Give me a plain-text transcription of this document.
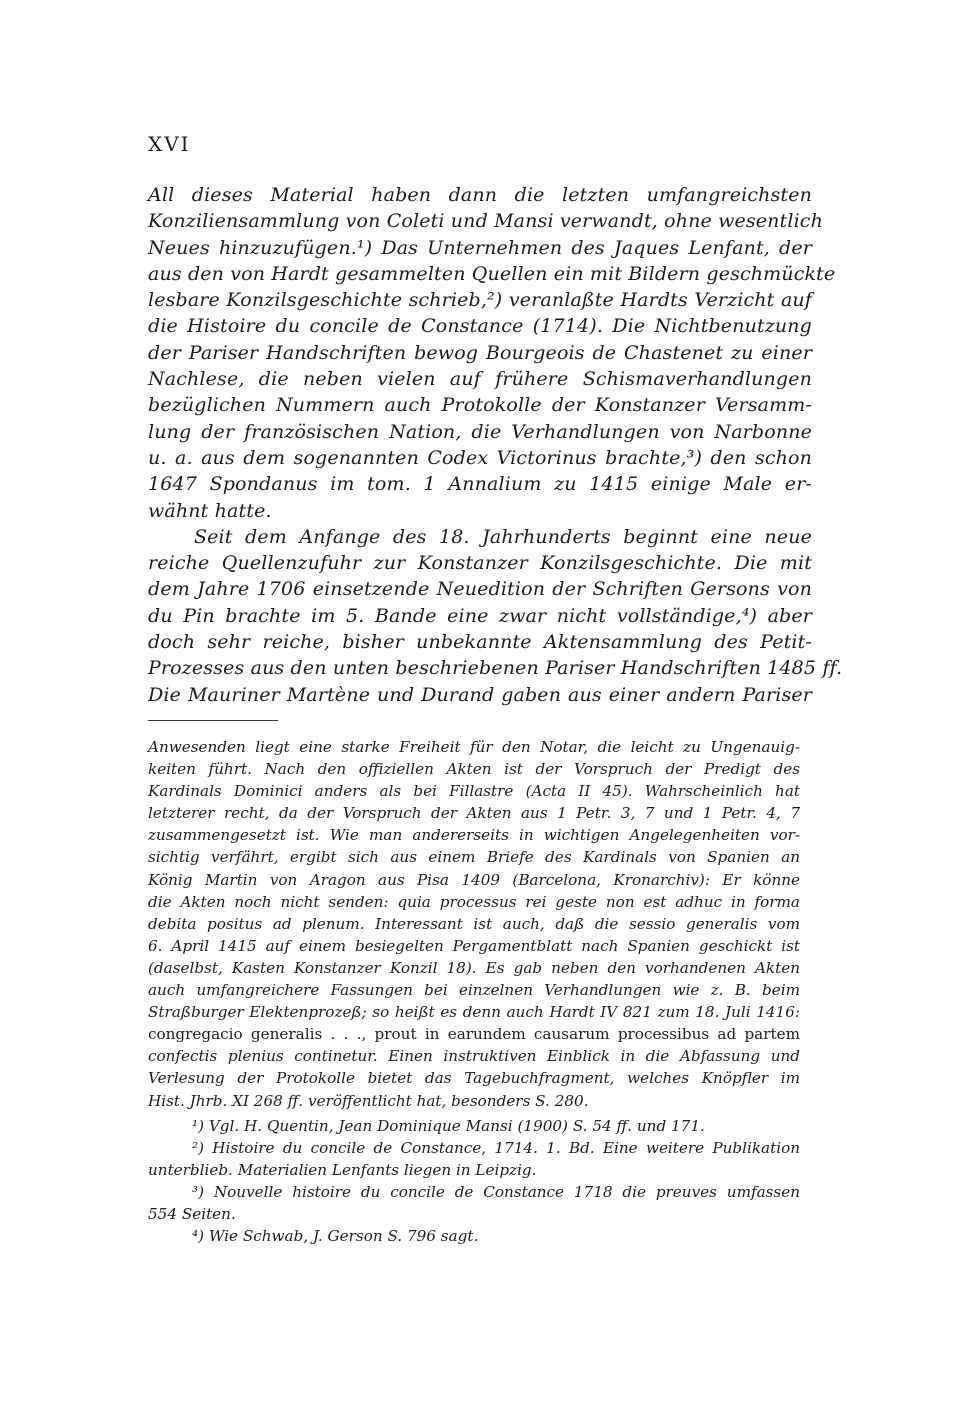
XVI
All dieses Material haben dann die letzten umfangreichsten
Konziliensammlung von Coleti und Mansi verwandt, ohne wesentlich
Neues hinzuzufügen.¹) Das Unternehmen des Jaques Lenfant, der
aus den von Hardt gesammelten Quellen ein mit Bildern geschmückte
lesbare Konzilsgeschichte schrieb,²) veranlaßte Hardts Verzicht auf
die Histoire du concile de Constance (1714). Die Nichtbenutzung
der Pariser Handschriften bewog Bourgeois de Chastenet zu einer
Nachlese, die neben vielen auf frühere Schismaverhandlungen
bezüglichen Nummern auch Protokolle der Konstanzer Versamm-
lung der französischen Nation, die Verhandlungen von Narbonne
u. a. aus dem sogenannten Codex Victorinus brachte,³) den schon
1647 Spondanus im tom. 1 Annalium zu 1415 einige Male er-
wähnt hatte.
Seit dem Anfange des 18. Jahrhunderts beginnt eine neue
reiche Quellenzufuhr zur Konstanzer Konzilsgeschichte. Die mit
dem Jahre 1706 einsetzende Neuedition der Schriften Gersons von
du Pin brachte im 5. Bande eine zwar nicht vollständige,⁴) aber
doch sehr reiche, bisher unbekannte Aktensammlung des Petit-
Prozesses aus den unten beschriebenen Pariser Handschriften 1485 ff.
Die Mauriner Martène und Durand gaben aus einer andern Pariser
Anwesenden liegt eine starke Freiheit für den Notar, die leicht zu Ungenauig-
keiten führt. Nach den offiziellen Akten ist der Vorspruch der Predigt des
Kardinals Dominici anders als bei Fillastre (Acta II 45). Wahrscheinlich hat
letzterer recht, da der Vorspruch der Akten aus 1 Petr. 3, 7 und 1 Petr. 4, 7
zusammengesetzt ist. Wie man andererseits in wichtigen Angelegenheiten vor-
sichtig verfährt, ergibt sich aus einem Briefe des Kardinals von Spanien an
König Martin von Aragon aus Pisa 1409 (Barcelona, Kronarchiv): Er könne
die Akten noch nicht senden: quia processus rei geste non est adhuc in forma
debita positus ad plenum. Interessant ist auch, daß die sessio generalis vom
6. April 1415 auf einem besiegelten Pergamentblatt nach Spanien geschickt ist
(daselbst, Kasten Konstanzer Konzil 18). Es gab neben den vorhandenen Akten
auch umfangreichere Fassungen bei einzelnen Verhandlungen wie z. B. beim
Straßburger Elektenprozeß; so heißt es denn auch Hardt IV 821 zum 18. Juli 1416:
congregacio generalis . . ., prout in earundem causarum processibus ad partem
confectis plenius continetur. Einen instruktiven Einblick in die Abfassung und
Verlesung der Protokolle bietet das Tagebuchfragment, welches Knöpfler im
Hist. Jhrb. XI 268 ff. veröffentlicht hat, besonders S. 280.
¹) Vgl. H. Quentin, Jean Dominique Mansi (1900) S. 54 ff. und 171.
²) Histoire du concile de Constance, 1714. 1. Bd. Eine weitere Publikation
unterblieb. Materialien Lenfants liegen in Leipzig.
³) Nouvelle histoire du concile de Constance 1718 die preuves umfassen
554 Seiten.
⁴) Wie Schwab, J. Gerson S. 796 sagt.
